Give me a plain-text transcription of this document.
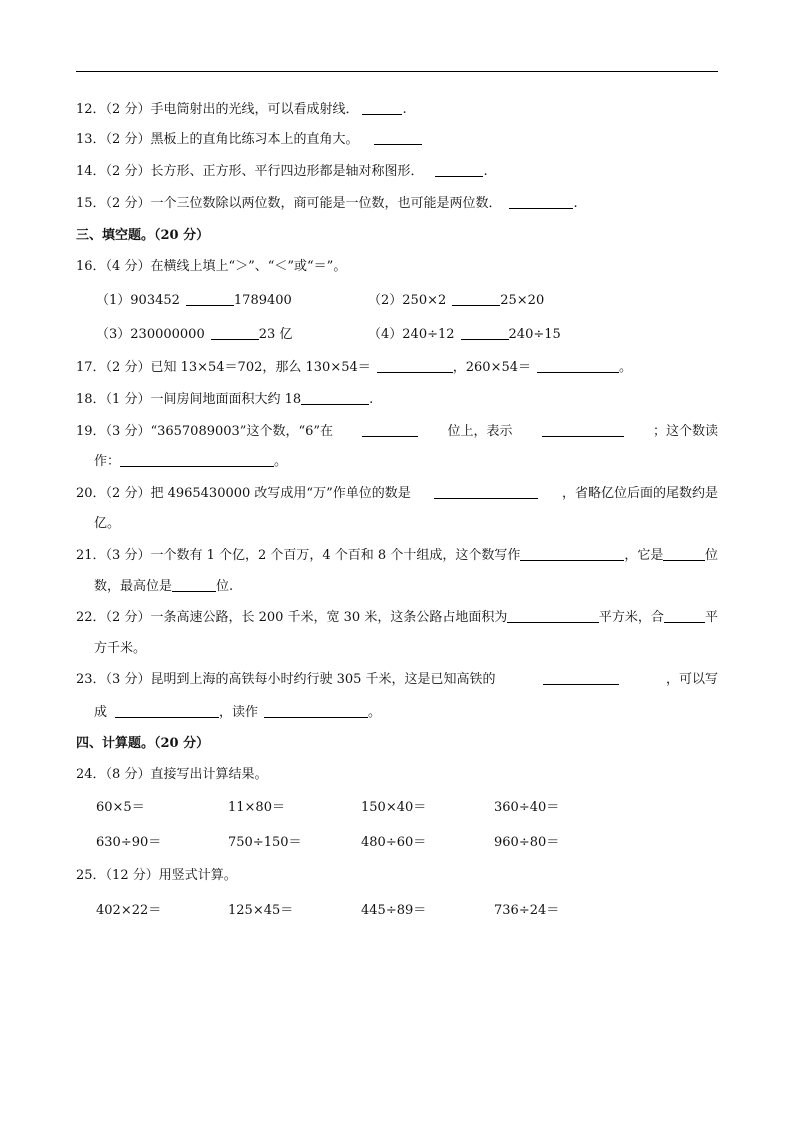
12．（2 分）手电筒射出的光线，可以看成射线．	.
13．（2 分）黑板上的直角比练习本上的直角大。
14．（2 分）长方形、正方形、平行四边形都是轴对称图形．	.
15．（2 分）一个三位数除以两位数，商可能是一位数，也可能是两位数．	.
三、填空题。（20 分）
16．（4 分）在横线上填上“＞”、“＜”或“＝”。
（1）903452	1789400	（2）250×2	25×20
（3）230000000	23 亿	（4）240÷12	240÷15
17．（2 分）已知 13×54＝702，那么 130×54＝	，260×54＝	。
18．（1 分）一间房间地面面积大约 18	.
19．（3 分）“3657089003”这个数，“6”在	位上，表示	；这个数读
作：	。
20．（2 分）把 4965430000 改写成用“万”作单位的数是	，省略亿位后面的尾数约是
亿。
21．（3 分）一个数有 1 个亿，2 个百万，4 个百和 8 个十组成，这个数写作	，它是	位
数，最高位是	位.
22．（2 分）一条高速公路，长 200 千米，宽 30 米，这条公路占地面积为	平方米，合	平
方千米。
23．（3 分）昆明到上海的高铁每小时约行驶 305 千米，这是已知高铁的	，可以写
成	，读作	。
四、计算题。（20 分）
24．（8 分）直接写出计算结果。
60×5＝	11×80＝	150×40＝	360÷40＝
630÷90＝	750÷150＝	480÷60＝	960÷80＝
25．（12 分）用竖式计算。
402×22＝	125×45＝	445÷89＝	736÷24＝
